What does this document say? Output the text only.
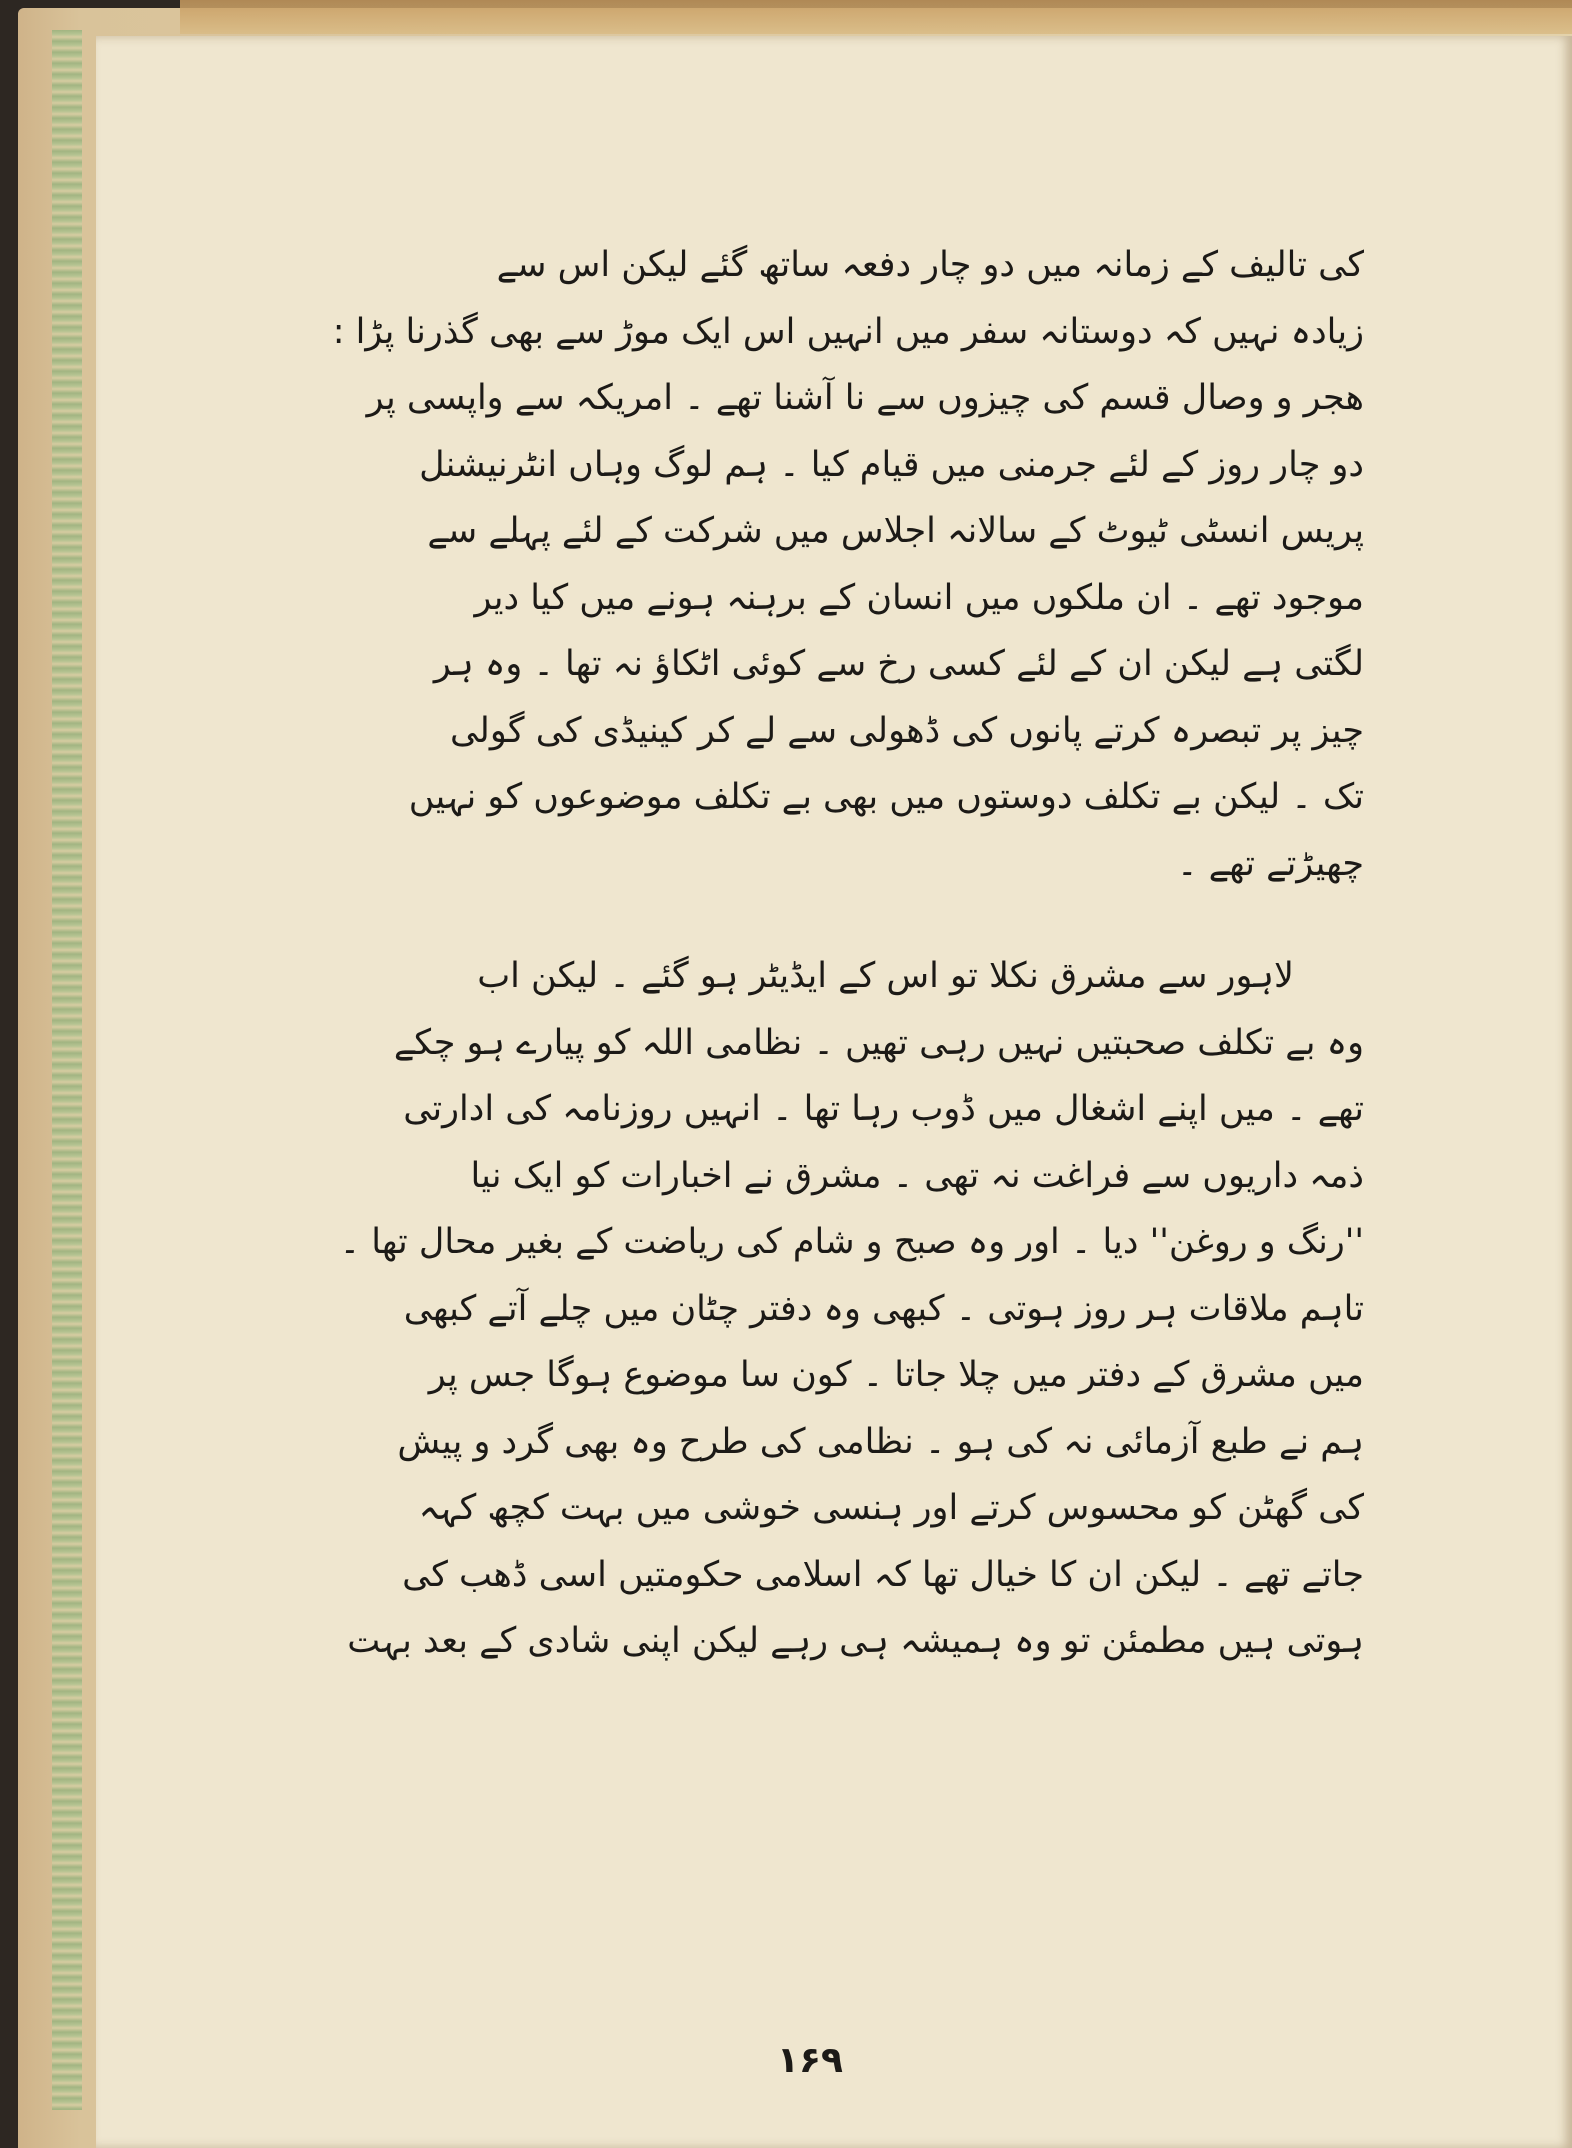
کی تالیف کے زمانہ میں دو چار دفعہ ساتھ گئے لیکن اس سے
زیادہ نہیں کہ دوستانہ سفر میں انہیں اس ایک موڑ سے بھی گذرنا پڑا :
ھجر و وصال قسم کی چیزوں سے نا آشنا تھے ۔ امریکہ سے واپسی پر
دو چار روز کے لئے جرمنی میں قیام کیا ۔ ہم لوگ وہاں انٹرنیشنل
پریس انسٹی ٹیوٹ کے سالانہ اجلاس میں شرکت کے لئے پہلے سے
موجود تھے ۔ ان ملکوں میں انسان کے برہنہ ہونے میں کیا دیر
لگتی ہے لیکن ان کے لئے کسی رخ سے کوئی اٹکاؤ نہ تھا ۔ وہ ہر
چیز پر تبصرہ کرتے پانوں کی ڈھولی سے لے کر کینیڈی کی گولی
تک ۔ لیکن بے تکلف دوستوں میں بھی بے تکلف موضوعوں کو نہیں
چھیڑتے تھے ۔
لاہور سے مشرق نکلا تو اس کے ایڈیٹر ہو گئے ۔ لیکن اب
وہ بے تکلف صحبتیں نہیں رہی تھیں ۔ نظامی اللہ کو پیارے ہو چکے
تھے ۔ میں اپنے اشغال میں ڈوب رہا تھا ۔ انہیں روزنامہ کی ادارتی
ذمہ داریوں سے فراغت نہ تھی ۔ مشرق نے اخبارات کو ایک نیا
''رنگ و روغن'' دیا ۔ اور وہ صبح و شام کی ریاضت کے بغیر محال تھا ۔
تاہم ملاقات ہر روز ہوتی ۔ کبھی وہ دفتر چٹان میں چلے آتے کبھی
میں مشرق کے دفتر میں چلا جاتا ۔ کون سا موضوع ہوگا جس پر
ہم نے طبع آزمائی نہ کی ہو ۔ نظامی کی طرح وہ بھی گرد و پیش
کی گھٹن کو محسوس کرتے اور ہنسی خوشی میں بہت کچھ کہہ
جاتے تھے ۔ لیکن ان کا خیال تھا کہ اسلامی حکومتیں اسی ڈھب کی
ہوتی ہیں مطمئن تو وہ ہمیشہ ہی رہے لیکن اپنی شادی کے بعد بہت
۱۶۹
